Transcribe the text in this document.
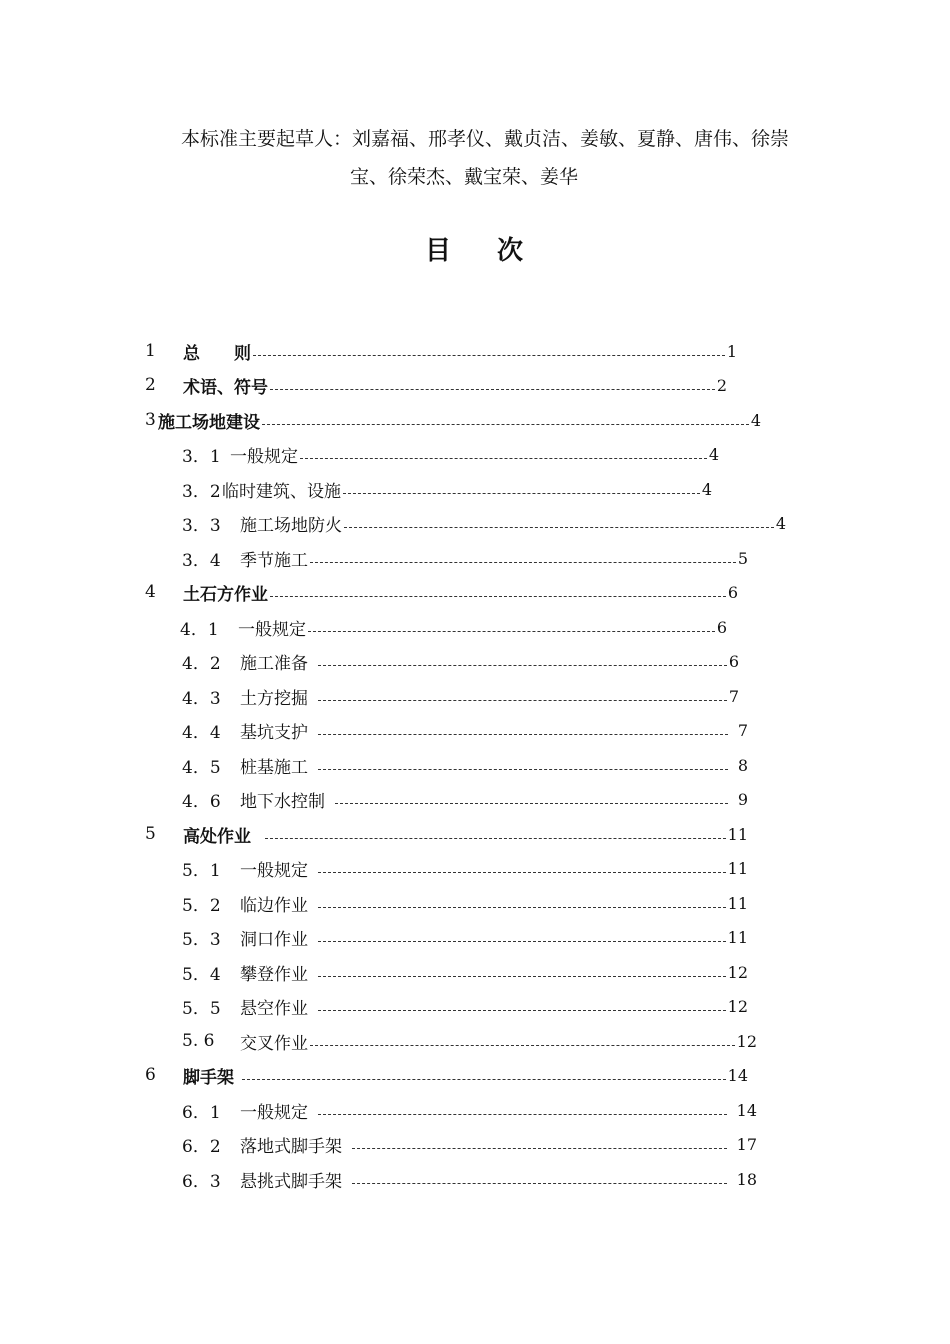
本标准主要起草人：刘嘉福、邢孝仪、戴贞洁、姜敏、夏静、唐伟、徐崇
宝、徐荣杰、戴宝荣、姜华
目 次
1	总　　则	1
2	术语、符号	2
3 施工场地建设	4
3．1 一般规定	4
3．2 临时建筑、设施	4
3．3	施工场地防火	4
3．4	季节施工	5
4	土石方作业	6
4．1	一般规定	6
4．2	施工准备	6
4．3	土方挖掘	7
4．4	基坑支护	7
4．5	桩基施工	8
4．6	地下水控制	9
5	高处作业	11
5．1	一般规定	11
5．2	临边作业	11
5．3	洞口作业	11
5．4	攀登作业	12
5．5	悬空作业	12
5. 6	交叉作业	12
6	脚手架	14
6．1	一般规定	14
6．2	落地式脚手架	17
6．3	悬挑式脚手架	18
